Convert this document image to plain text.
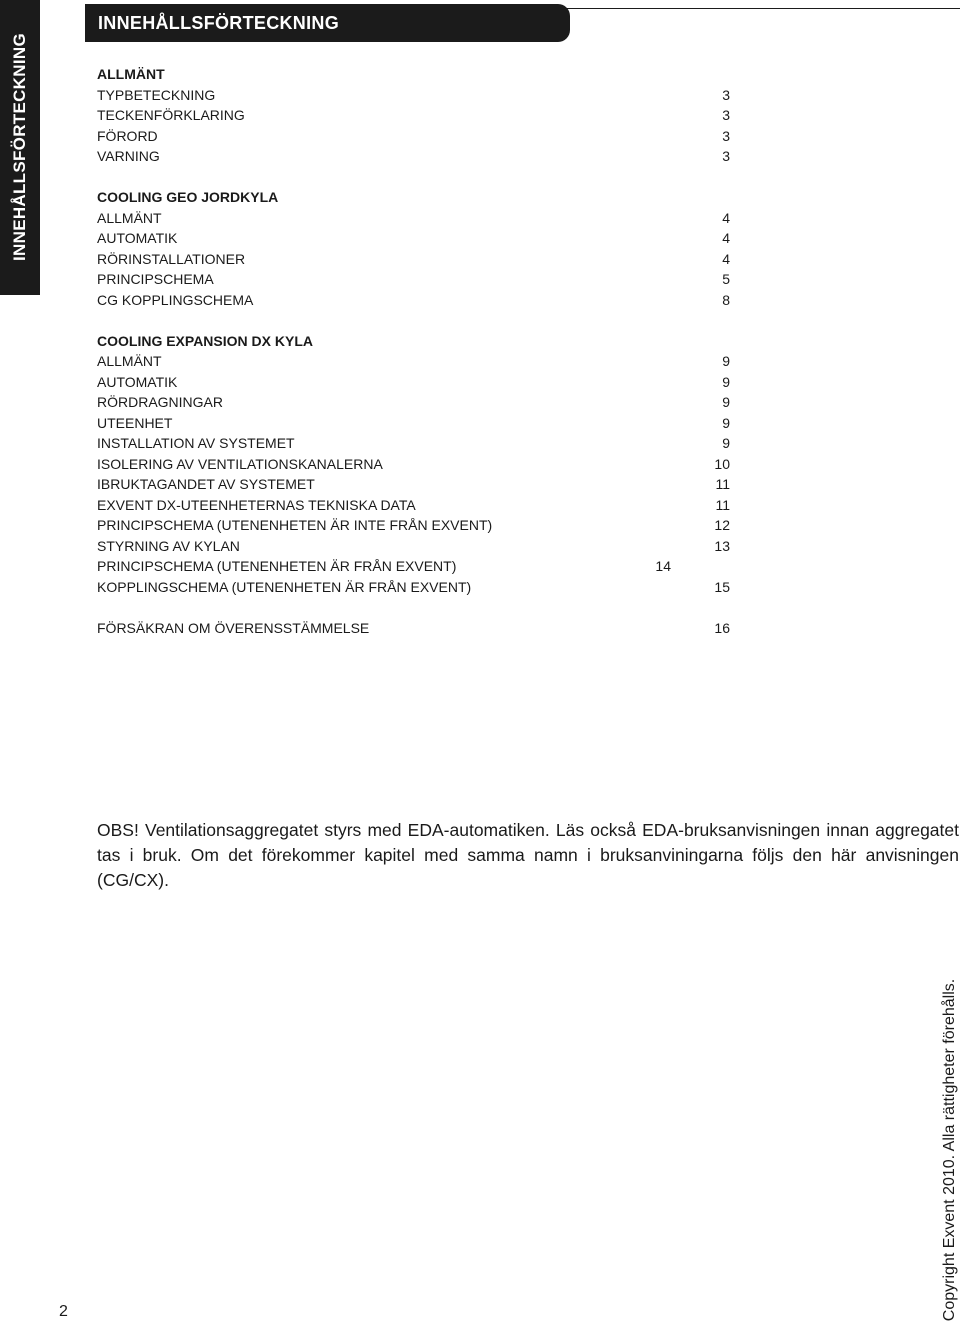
INNEHÅLLSFÖRTECKNING
INNEHÅLLSFÖRTECKNING
ALLMÄNT
TYPBETECKNING	3
TECKENFÖRKLARING	3
FÖRORD	3
VARNING	3
COOLING GEO JORDKYLA
ALLMÄNT	4
AUTOMATIK	4
RÖRINSTALLATIONER	4
PRINCIPSCHEMA	5
CG KOPPLINGSCHEMA	8
COOLING EXPANSION DX KYLA
ALLMÄNT	9
AUTOMATIK	9
RÖRDRAGNINGAR	9
UTEENHET	9
INSTALLATION AV SYSTEMET	9
ISOLERING AV VENTILATIONSKANALERNA	10
IBRUKTAGANDET AV SYSTEMET	11
EXVENT DX-UTEENHETERNAS TEKNISKA DATA	11
PRINCIPSCHEMA (UTENENHETEN ÄR INTE FRÅN EXVENT)	12
STYRNING AV KYLAN	13
PRINCIPSCHEMA (UTENENHETEN ÄR FRÅN EXVENT)	14
KOPPLINGSCHEMA (UTENENHETEN ÄR FRÅN EXVENT)	15
FÖRSÄKRAN OM ÖVERENSSTÄMMELSE	16
OBS! Ventilationsaggregatet styrs med EDA-automatiken. Läs också EDA-bruksanvisningen innan aggregatet tas i bruk. Om det förekommer kapitel med samma namn i bruksanviningarna följs den här anvisningen (CG/CX).
2	Copyright Exvent 2010. Alla rättigheter förehålls.
